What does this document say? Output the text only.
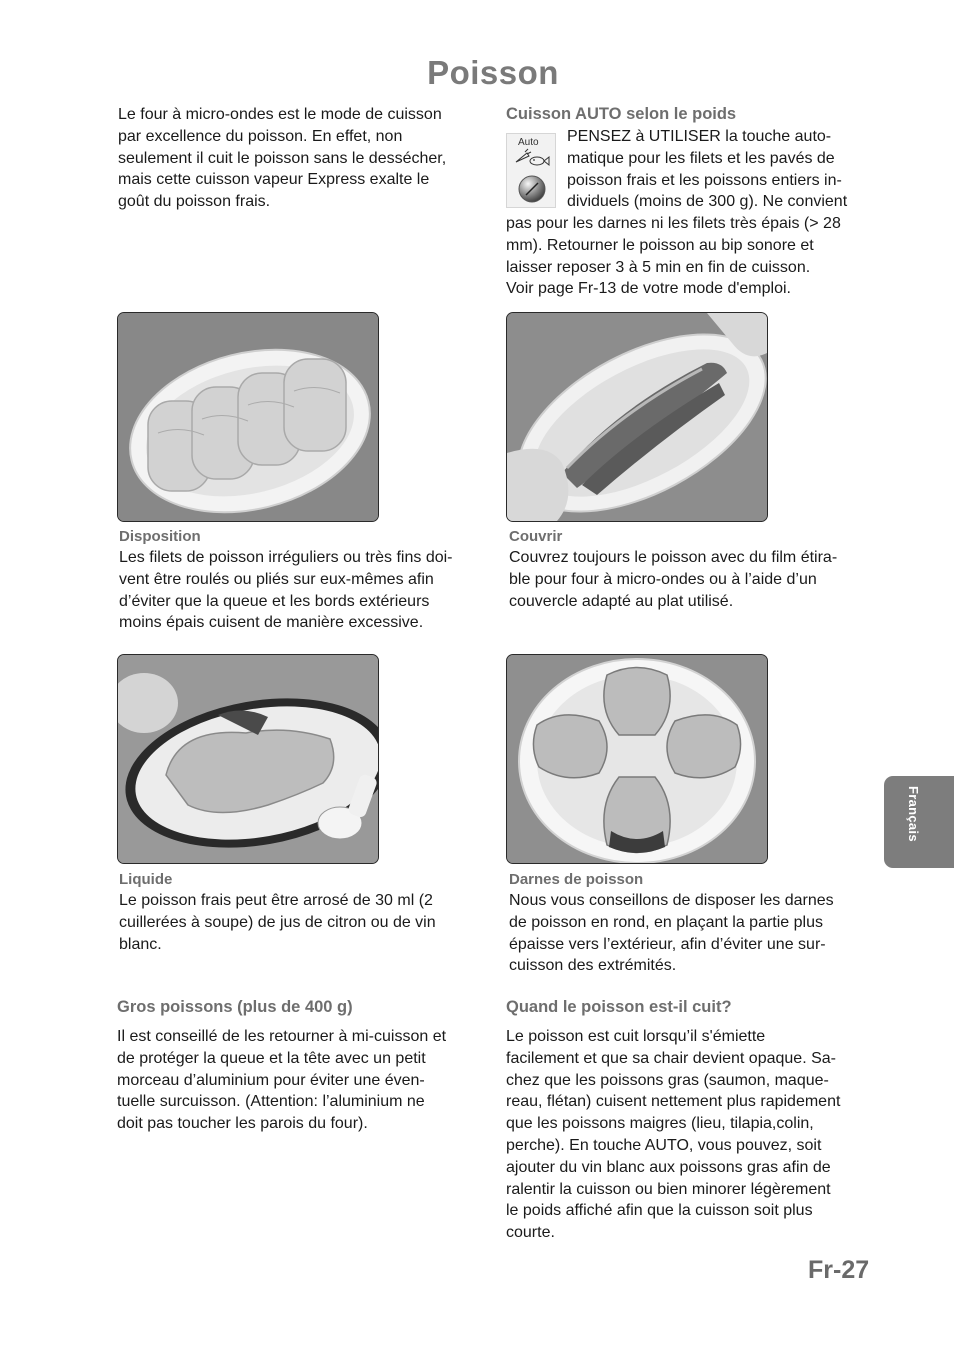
Poisson

Le four à micro-ondes est le mode de cuisson

par excellence du poisson. En effet, non

seulement il cuit le poisson sans le dessécher,

mais cette cuisson vapeur Express exalte le

goût du poisson frais.

Cuisson AUTO selon le poids
Auto PENSEZ à UTILISER la touche auto-

matique pour les filets et les pavés de

poisson frais et les poissons entiers in-

dividuels (moins de 300 g). Ne convient

pas pour les darnes ni les filets très épais (> 28

mm). Retourner le poisson au bip sonore et

laisser reposer 3 à 5 min en fin de cuisson.

Voir page Fr-13 de votre mode d'emploi.

Disposition

Les filets de poisson irréguliers ou très fins doi-

vent être roulés ou pliés sur eux-mêmes afin

d’éviter que la queue et les bords extérieurs

moins épais cuisent de manière excessive.

Couvrir

Couvrez toujours le poisson avec du film étira-

ble pour four à micro-ondes ou à l’aide d’un

couvercle adapté au plat utilisé.

Liquide

Le poisson frais peut être arrosé de 30 ml (2

cuillerées à soupe) de jus de citron ou de vin

blanc.

Darnes de poisson

Nous vous conseillons de disposer les darnes

de poisson en rond, en plaçant la partie plus

épaisse vers l’extérieur, afin d’éviter une sur-

cuisson des extrémités.

Gros poissons (plus de 400 g)

Il est conseillé de les retourner à mi-cuisson et

de protéger la queue et la tête avec un petit

morceau d’aluminium pour éviter une éven-

tuelle surcuisson. (Attention: l’aluminium ne

doit pas toucher les parois du four).

Quand le poisson est-il cuit?

Le poisson est cuit lorsqu’il s'émiette

facilement et que sa chair devient opaque. Sa-

chez que les poissons gras (saumon, maque-

reau, flétan) cuisent nettement plus rapidement

que les poissons maigres (lieu, tilapia,colin,

perche). En touche AUTO, vous pouvez, soit

ajouter du vin blanc aux poissons gras afin de

ralentir la cuisson ou bien minorer légèrement

le poids affiché afin que la cuisson soit plus

courte.

Français
Fr-27
